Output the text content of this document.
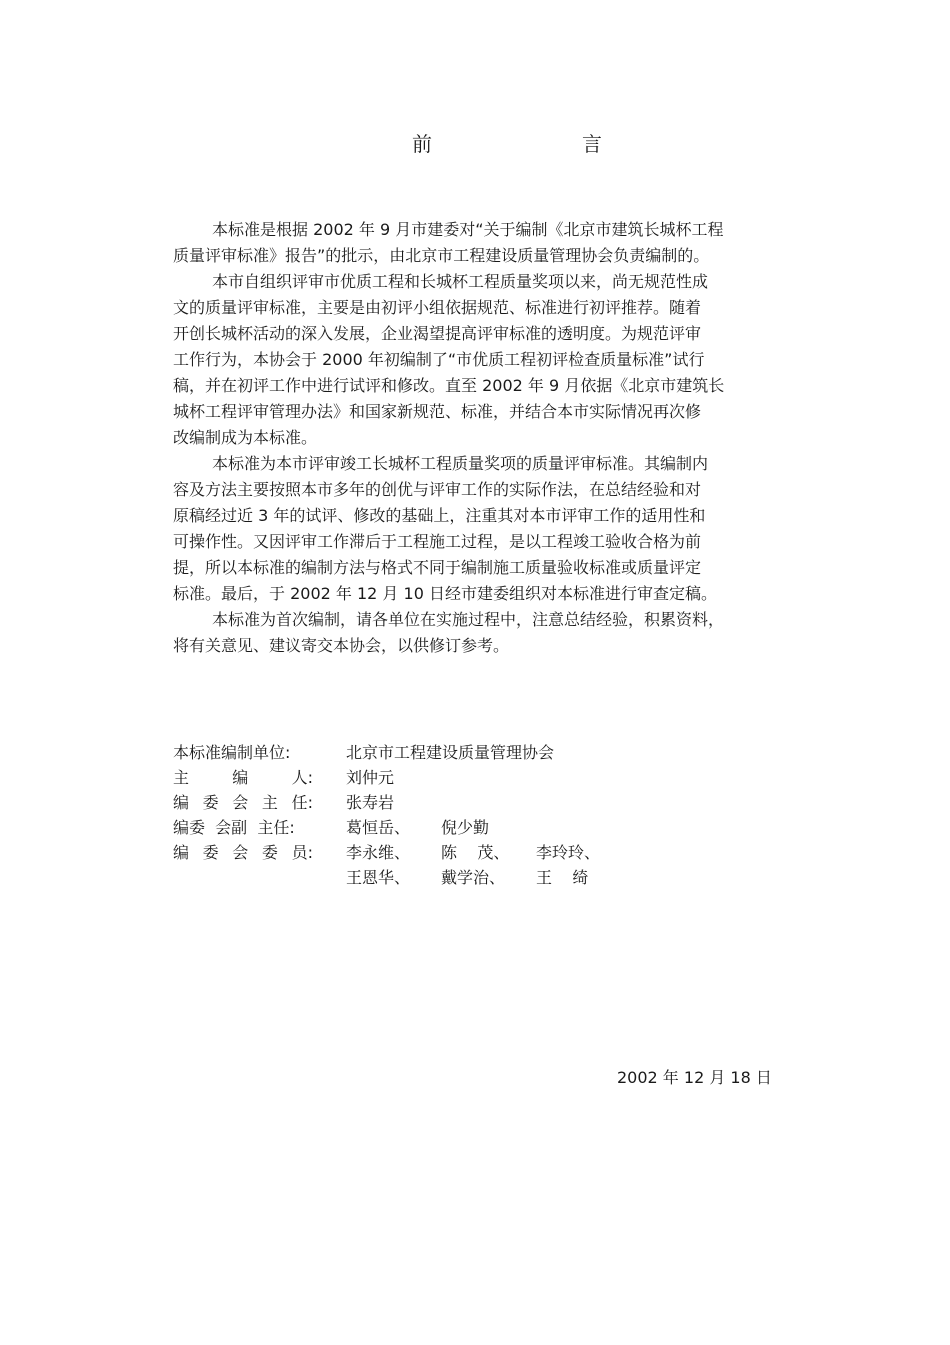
前	言
本标准是根据 2002 年 9 月市建委对“关于编制《北京市建筑长城杯工程
质量评审标准》报告”的批示，由北京市工程建设质量管理协会负责编制的。
本市自组织评审市优质工程和长城杯工程质量奖项以来，尚无规范性成
文的质量评审标准，主要是由初评小组依据规范、标准进行初评推荐。随着
开创长城杯活动的深入发展，企业渴望提高评审标准的透明度。为规范评审
工作行为，本协会于 2000 年初编制了“市优质工程初评检查质量标准”试行
稿，并在初评工作中进行试评和修改。直至 2002 年 9 月依据《北京市建筑长
城杯工程评审管理办法》和国家新规范、标准，并结合本市实际情况再次修
改编制成为本标准。
本标准为本市评审竣工长城杯工程质量奖项的质量评审标准。其编制内
容及方法主要按照本市多年的创优与评审工作的实际作法，在总结经验和对
原稿经过近 3 年的试评、修改的基础上，注重其对本市评审工作的适用性和
可操作性。又因评审工作滞后于工程施工过程，是以工程竣工验收合格为前
提，所以本标准的编制方法与格式不同于编制施工质量验收标准或质量评定
标准。最后，于 2002 年 12 月 10 日经市建委组织对本标准进行审查定稿。
本标准为首次编制，请各单位在实施过程中，注意总结经验，积累资料，
将有关意见、建议寄交本协会，以供修订参考。
本标准编制单位:	北京市工程建设质量管理协会
主	编	人: 刘仲元
编 委 会 主 任: 张寿岩
编委  会副  主任:	葛恒岳、 倪少勤
编 委 会 委 员: 李永维、 陈    茂、 李玲玲、
王恩华、 戴学治、 王    绮
2002 年 12 月 18 日
